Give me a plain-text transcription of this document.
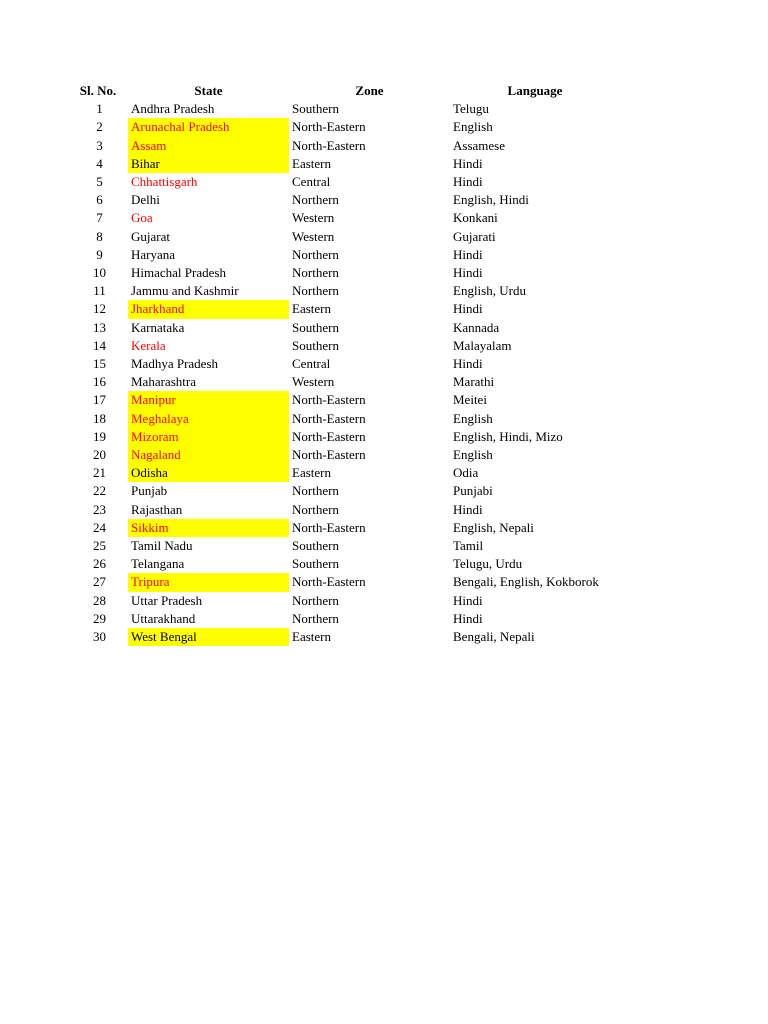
Sl. No.	State	Zone	Language
1	Andhra Pradesh	Southern	Telugu
2	Arunachal Pradesh	North-Eastern	English
3	Assam	North-Eastern	Assamese
4	Bihar	Eastern	Hindi
5	Chhattisgarh	Central	Hindi
6	Delhi	Northern	English, Hindi
7	Goa	Western	Konkani
8	Gujarat	Western	Gujarati
9	Haryana	Northern	Hindi
10	Himachal Pradesh	Northern	Hindi
11	Jammu and Kashmir	Northern	English, Urdu
12	Jharkhand	Eastern	Hindi
13	Karnataka	Southern	Kannada
14	Kerala	Southern	Malayalam
15	Madhya Pradesh	Central	Hindi
16	Maharashtra	Western	Marathi
17	Manipur	North-Eastern	Meitei
18	Meghalaya	North-Eastern	English
19	Mizoram	North-Eastern	English, Hindi, Mizo
20	Nagaland	North-Eastern	English
21	Odisha	Eastern	Odia
22	Punjab	Northern	Punjabi
23	Rajasthan	Northern	Hindi
24	Sikkim	North-Eastern	English, Nepali
25	Tamil Nadu	Southern	Tamil
26	Telangana	Southern	Telugu, Urdu
27	Tripura	North-Eastern	Bengali, English, Kokborok
28	Uttar Pradesh	Northern	Hindi
29	Uttarakhand	Northern	Hindi
30	West Bengal	Eastern	Bengali, Nepali
